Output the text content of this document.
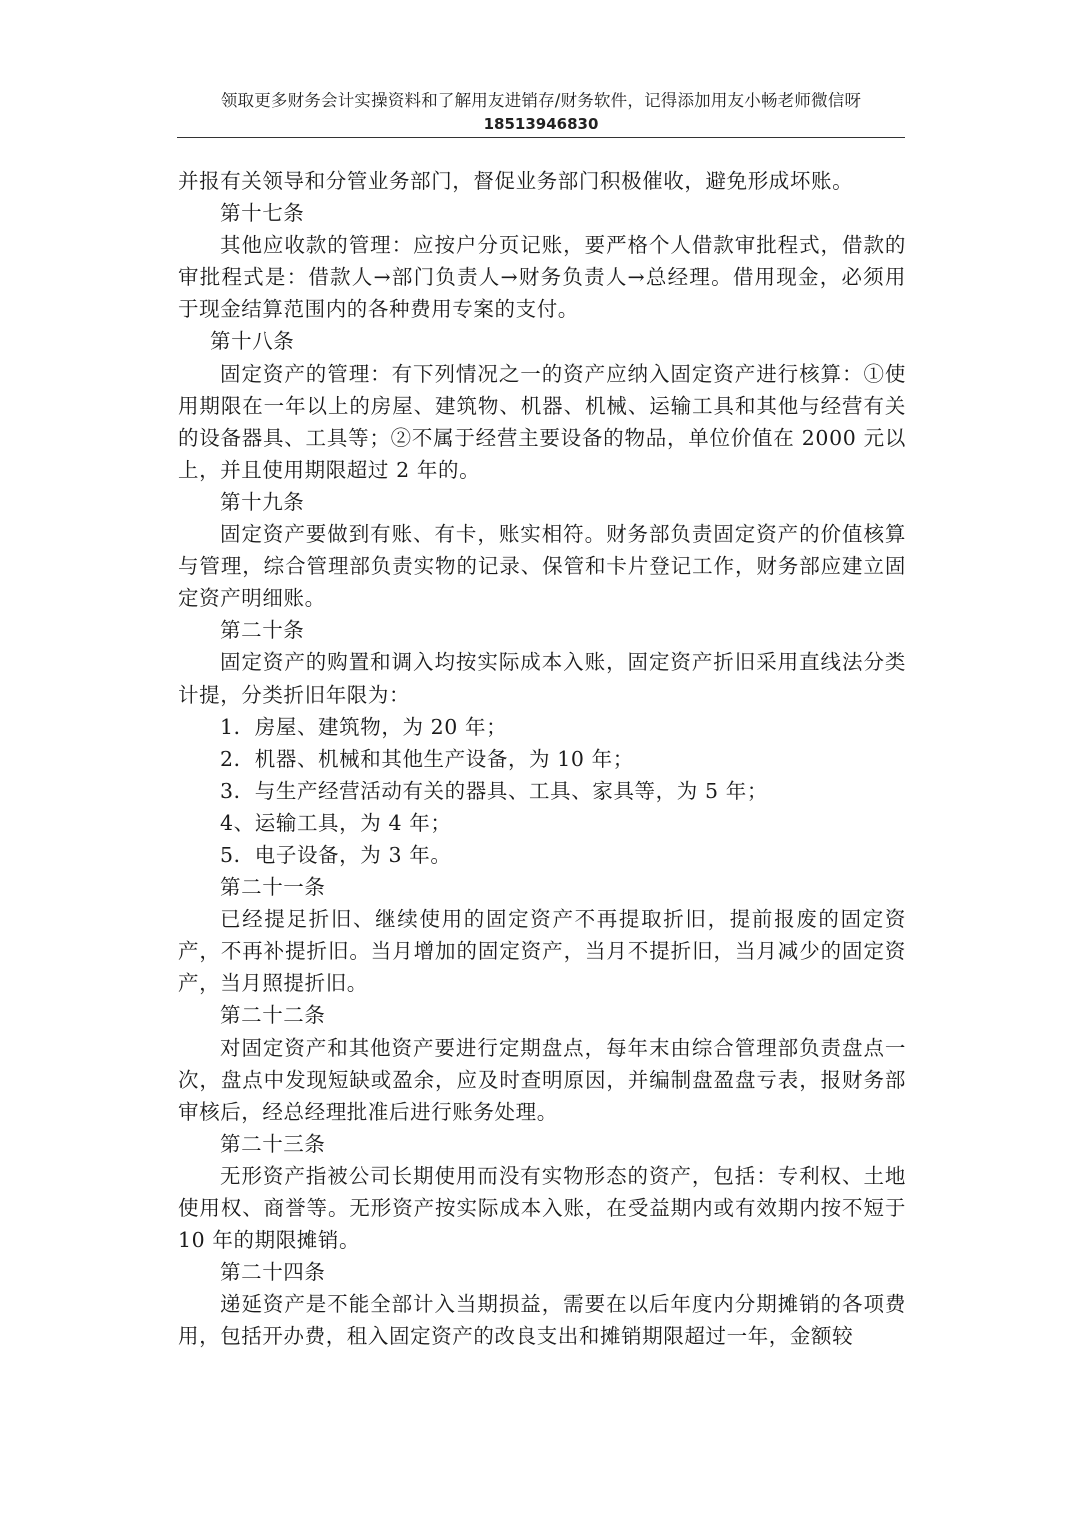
领取更多财务会计实操资料和了解用友进销存/财务软件，记得添加用友小畅老师微信呀
18513946830

并报有关领导和分管业务部门，督促业务部门积极催收，避免形成坏账。

第十七条

其他应收款的管理：应按户分页记账，要严格个人借款审批程式，借款的审批程式是：借款人→部门负责人→财务负责人→总经理。借用现金，必须用于现金结算范围内的各种费用专案的支付。

第十八条

固定资产的管理：有下列情况之一的资产应纳入固定资产进行核算：①使用期限在一年以上的房屋、建筑物、机器、机械、运输工具和其他与经营有关的设备器具、工具等；②不属于经营主要设备的物品，单位价值在 2000 元以上，并且使用期限超过 2 年的。

第十九条

固定资产要做到有账、有卡，账实相符。财务部负责固定资产的价值核算与管理，综合管理部负责实物的记录、保管和卡片登记工作，财务部应建立固定资产明细账。

第二十条

固定资产的购置和调入均按实际成本入账，固定资产折旧采用直线法分类计提，分类折旧年限为：

1．房屋、建筑物，为 20 年；

2．机器、机械和其他生产设备，为 10 年；

3．与生产经营活动有关的器具、工具、家具等，为 5 年；

4、运输工具，为 4 年；

5．电子设备，为 3 年。

第二十一条

已经提足折旧、继续使用的固定资产不再提取折旧，提前报废的固定资产，不再补提折旧。当月增加的固定资产，当月不提折旧，当月减少的固定资产，当月照提折旧。

第二十二条

对固定资产和其他资产要进行定期盘点，每年末由综合管理部负责盘点一次，盘点中发现短缺或盈余，应及时查明原因，并编制盘盈盘亏表，报财务部审核后，经总经理批准后进行账务处理。

第二十三条

无形资产指被公司长期使用而没有实物形态的资产，包括：专利权、土地使用权、商誉等。无形资产按实际成本入账，在受益期内或有效期内按不短于 10 年的期限摊销。

第二十四条

递延资产是不能全部计入当期损益，需要在以后年度内分期摊销的各项费用，包括开办费，租入固定资产的改良支出和摊销期限超过一年，金额较
